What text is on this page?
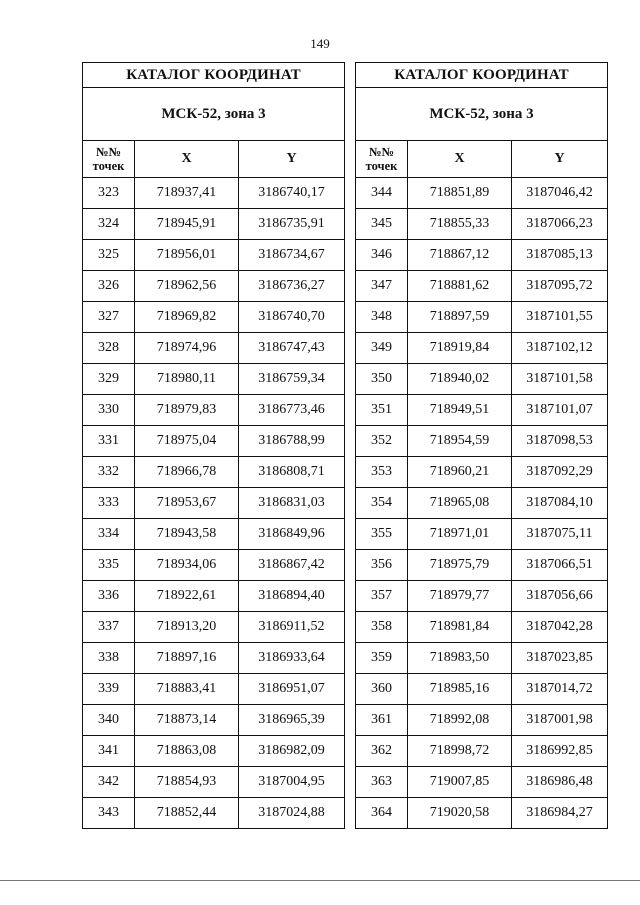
149
КАТАЛОГ КООРДИНАТ		
МСК-52, зона 3		
№№ точек	X	Y
323	718937,41	3186740,17
324	718945,91	3186735,91
325	718956,01	3186734,67
326	718962,56	3186736,27
327	718969,82	3186740,70
328	718974,96	3186747,43
329	718980,11	3186759,34
330	718979,83	3186773,46
331	718975,04	3186788,99
332	718966,78	3186808,71
333	718953,67	3186831,03
334	718943,58	3186849,96
335	718934,06	3186867,42
336	718922,61	3186894,40
337	718913,20	3186911,52
338	718897,16	3186933,64
339	718883,41	3186951,07
340	718873,14	3186965,39
341	718863,08	3186982,09
342	718854,93	3187004,95
343	718852,44	3187024,88
КАТАЛОГ КООРДИНАТ		
МСК-52, зона 3		
№№ точек	X	Y
344	718851,89	3187046,42
345	718855,33	3187066,23
346	718867,12	3187085,13
347	718881,62	3187095,72
348	718897,59	3187101,55
349	718919,84	3187102,12
350	718940,02	3187101,58
351	718949,51	3187101,07
352	718954,59	3187098,53
353	718960,21	3187092,29
354	718965,08	3187084,10
355	718971,01	3187075,11
356	718975,79	3187066,51
357	718979,77	3187056,66
358	718981,84	3187042,28
359	718983,50	3187023,85
360	718985,16	3187014,72
361	718992,08	3187001,98
362	718998,72	3186992,85
363	719007,85	3186986,48
364	719020,58	3186984,27
